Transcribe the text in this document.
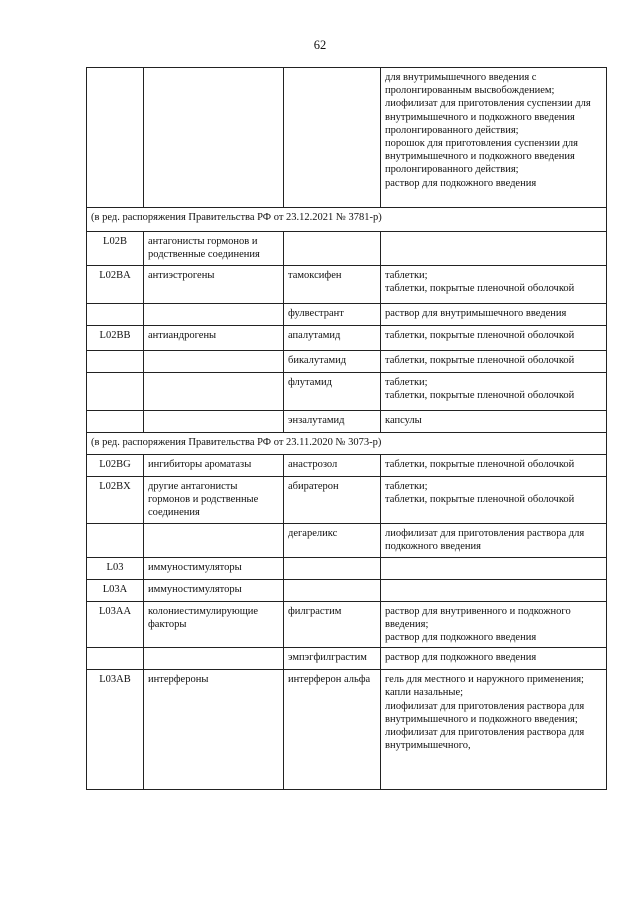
62

			для внутримышечного введения с пролонгированным высвобождением;
лиофилизат для приготовления суспензии для внутримышечного и подкожного введения пролонгированного действия;
порошок для приготовления суспензии для внутримышечного и подкожного введения пролонгированного действия;
раствор для подкожного введения

(в ред. распоряжения Правительства РФ от 23.12.2021 № 3781-р)			
L02B	антагонисты гормонов и родственные соединения		
L02BA	антиэстрогены	тамоксифен	таблетки;
таблетки, покрытые пленочной оболочкой

		фулвестрант	раствор для внутримышечного введения

L02BB	антиандрогены	апалутамид	таблетки, покрытые пленочной оболочкой

		бикалутамид	таблетки, покрытые пленочной оболочкой

		флутамид	таблетки;
таблетки, покрытые пленочной оболочкой

		энзалутамид	капсулы

(в ред. распоряжения Правительства РФ от 23.11.2020 № 3073-р)			
L02BG	ингибиторы ароматазы	анастрозол	таблетки, покрытые пленочной оболочкой

L02BX	другие антагонисты гормонов и родственные соединения	абиратерон	таблетки;
таблетки, покрытые пленочной оболочкой

		дегареликс	лиофилизат для приготовления раствора для подкожного введения

L03	иммуностимуляторы		
L03A	иммуностимуляторы		
L03AA	колониестимулирующие факторы	филграстим	раствор для внутривенного и подкожного введения;
раствор для подкожного введения

		эмпэгфилграстим	раствор для подкожного введения

L03AB	интерфероны	интерферон альфа	гель для местного и наружного применения;
капли назальные;
лиофилизат для приготовления раствора для внутримышечного и подкожного введения;
лиофилизат для приготовления раствора для внутримышечного,
